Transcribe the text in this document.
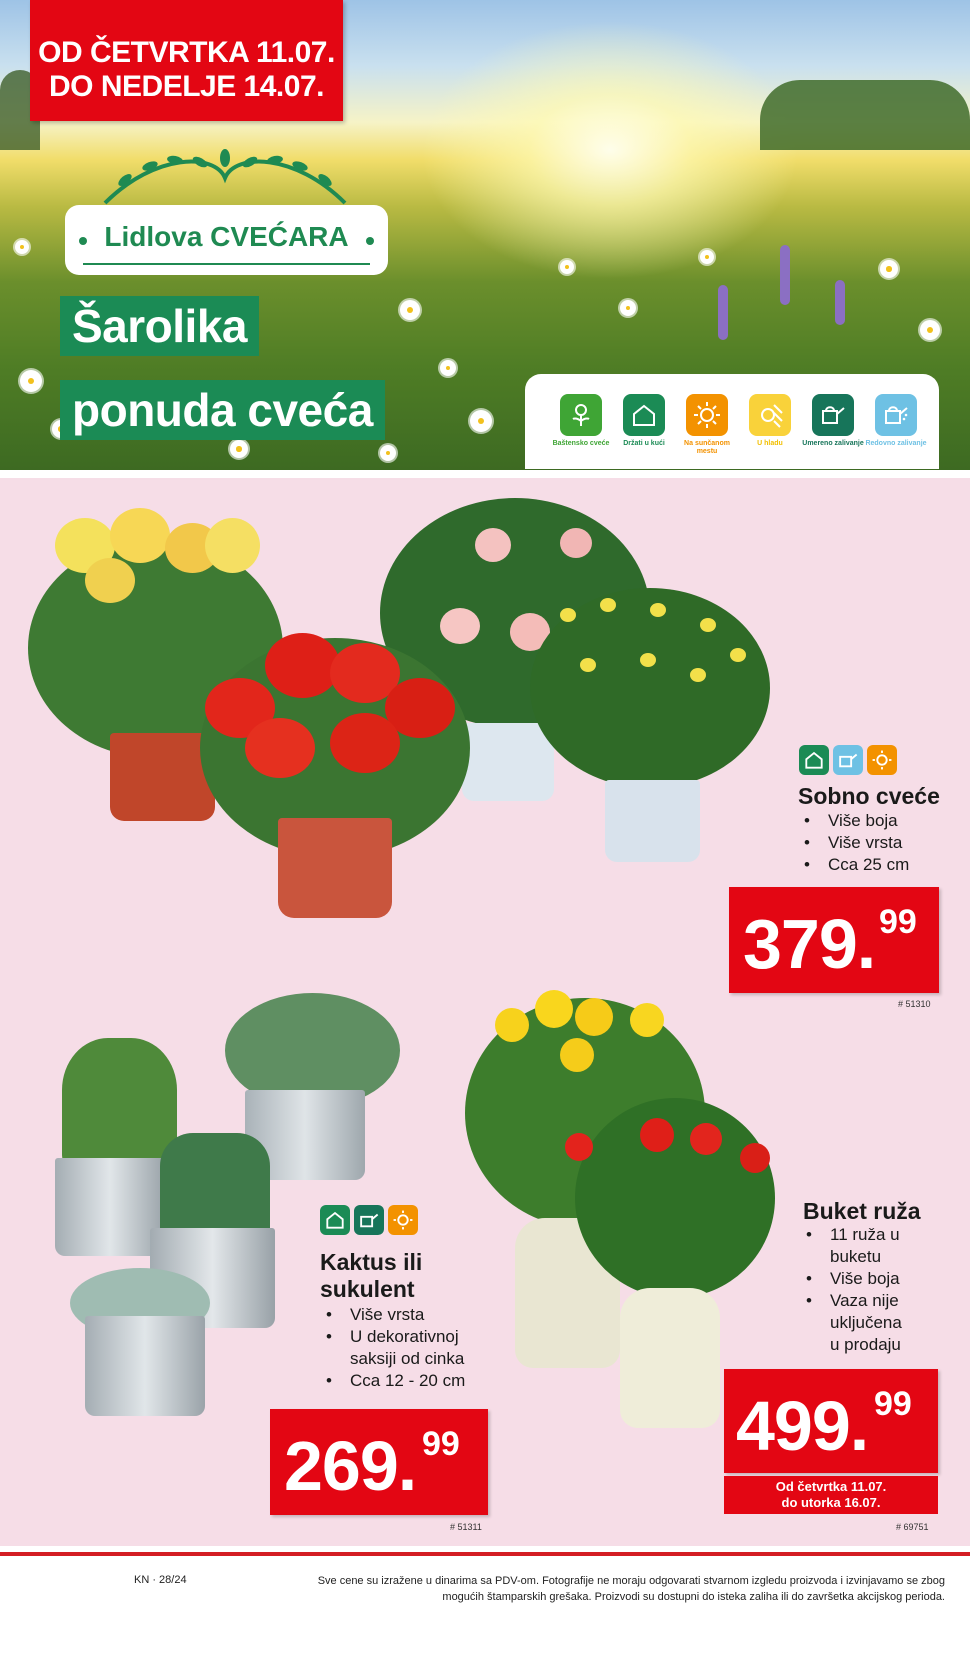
OD ČETVRTKA 11.07.
DO NEDELJE 14.07.
Lidlova CVEĆARA
Šarolika
ponuda cveća
Baštensko cveće	Držati u kući	Na sunčanom mestu
U hladu	Umereno zalivanje Redovno zalivanje
Sobno cveće
• Više boja
• Više vrsta
• Cca 25 cm
379. 99
# 51310
Kaktus ili
sukulent
• Više vrsta
• U dekorativnoj
saksiji od cinka
• Cca 12 - 20 cm
269. 99
# 51311
Buket ruža
• 11 ruža u
buketu
• Više boja
• Vaza nije
uključena
u prodaju
499. 99
Od četvrtka 11.07.
do utorka 16.07.
# 69751
KN · 28/24	Sve cene su izražene u dinarima sa PDV-om. Fotografije ne moraju odgovarati stvarnom izgledu proizvoda i izvinjavamo se zbog
mogućih štamparskih grešaka. Proizvodi su dostupni do isteka zaliha ili do završetka akcijskog perioda.
